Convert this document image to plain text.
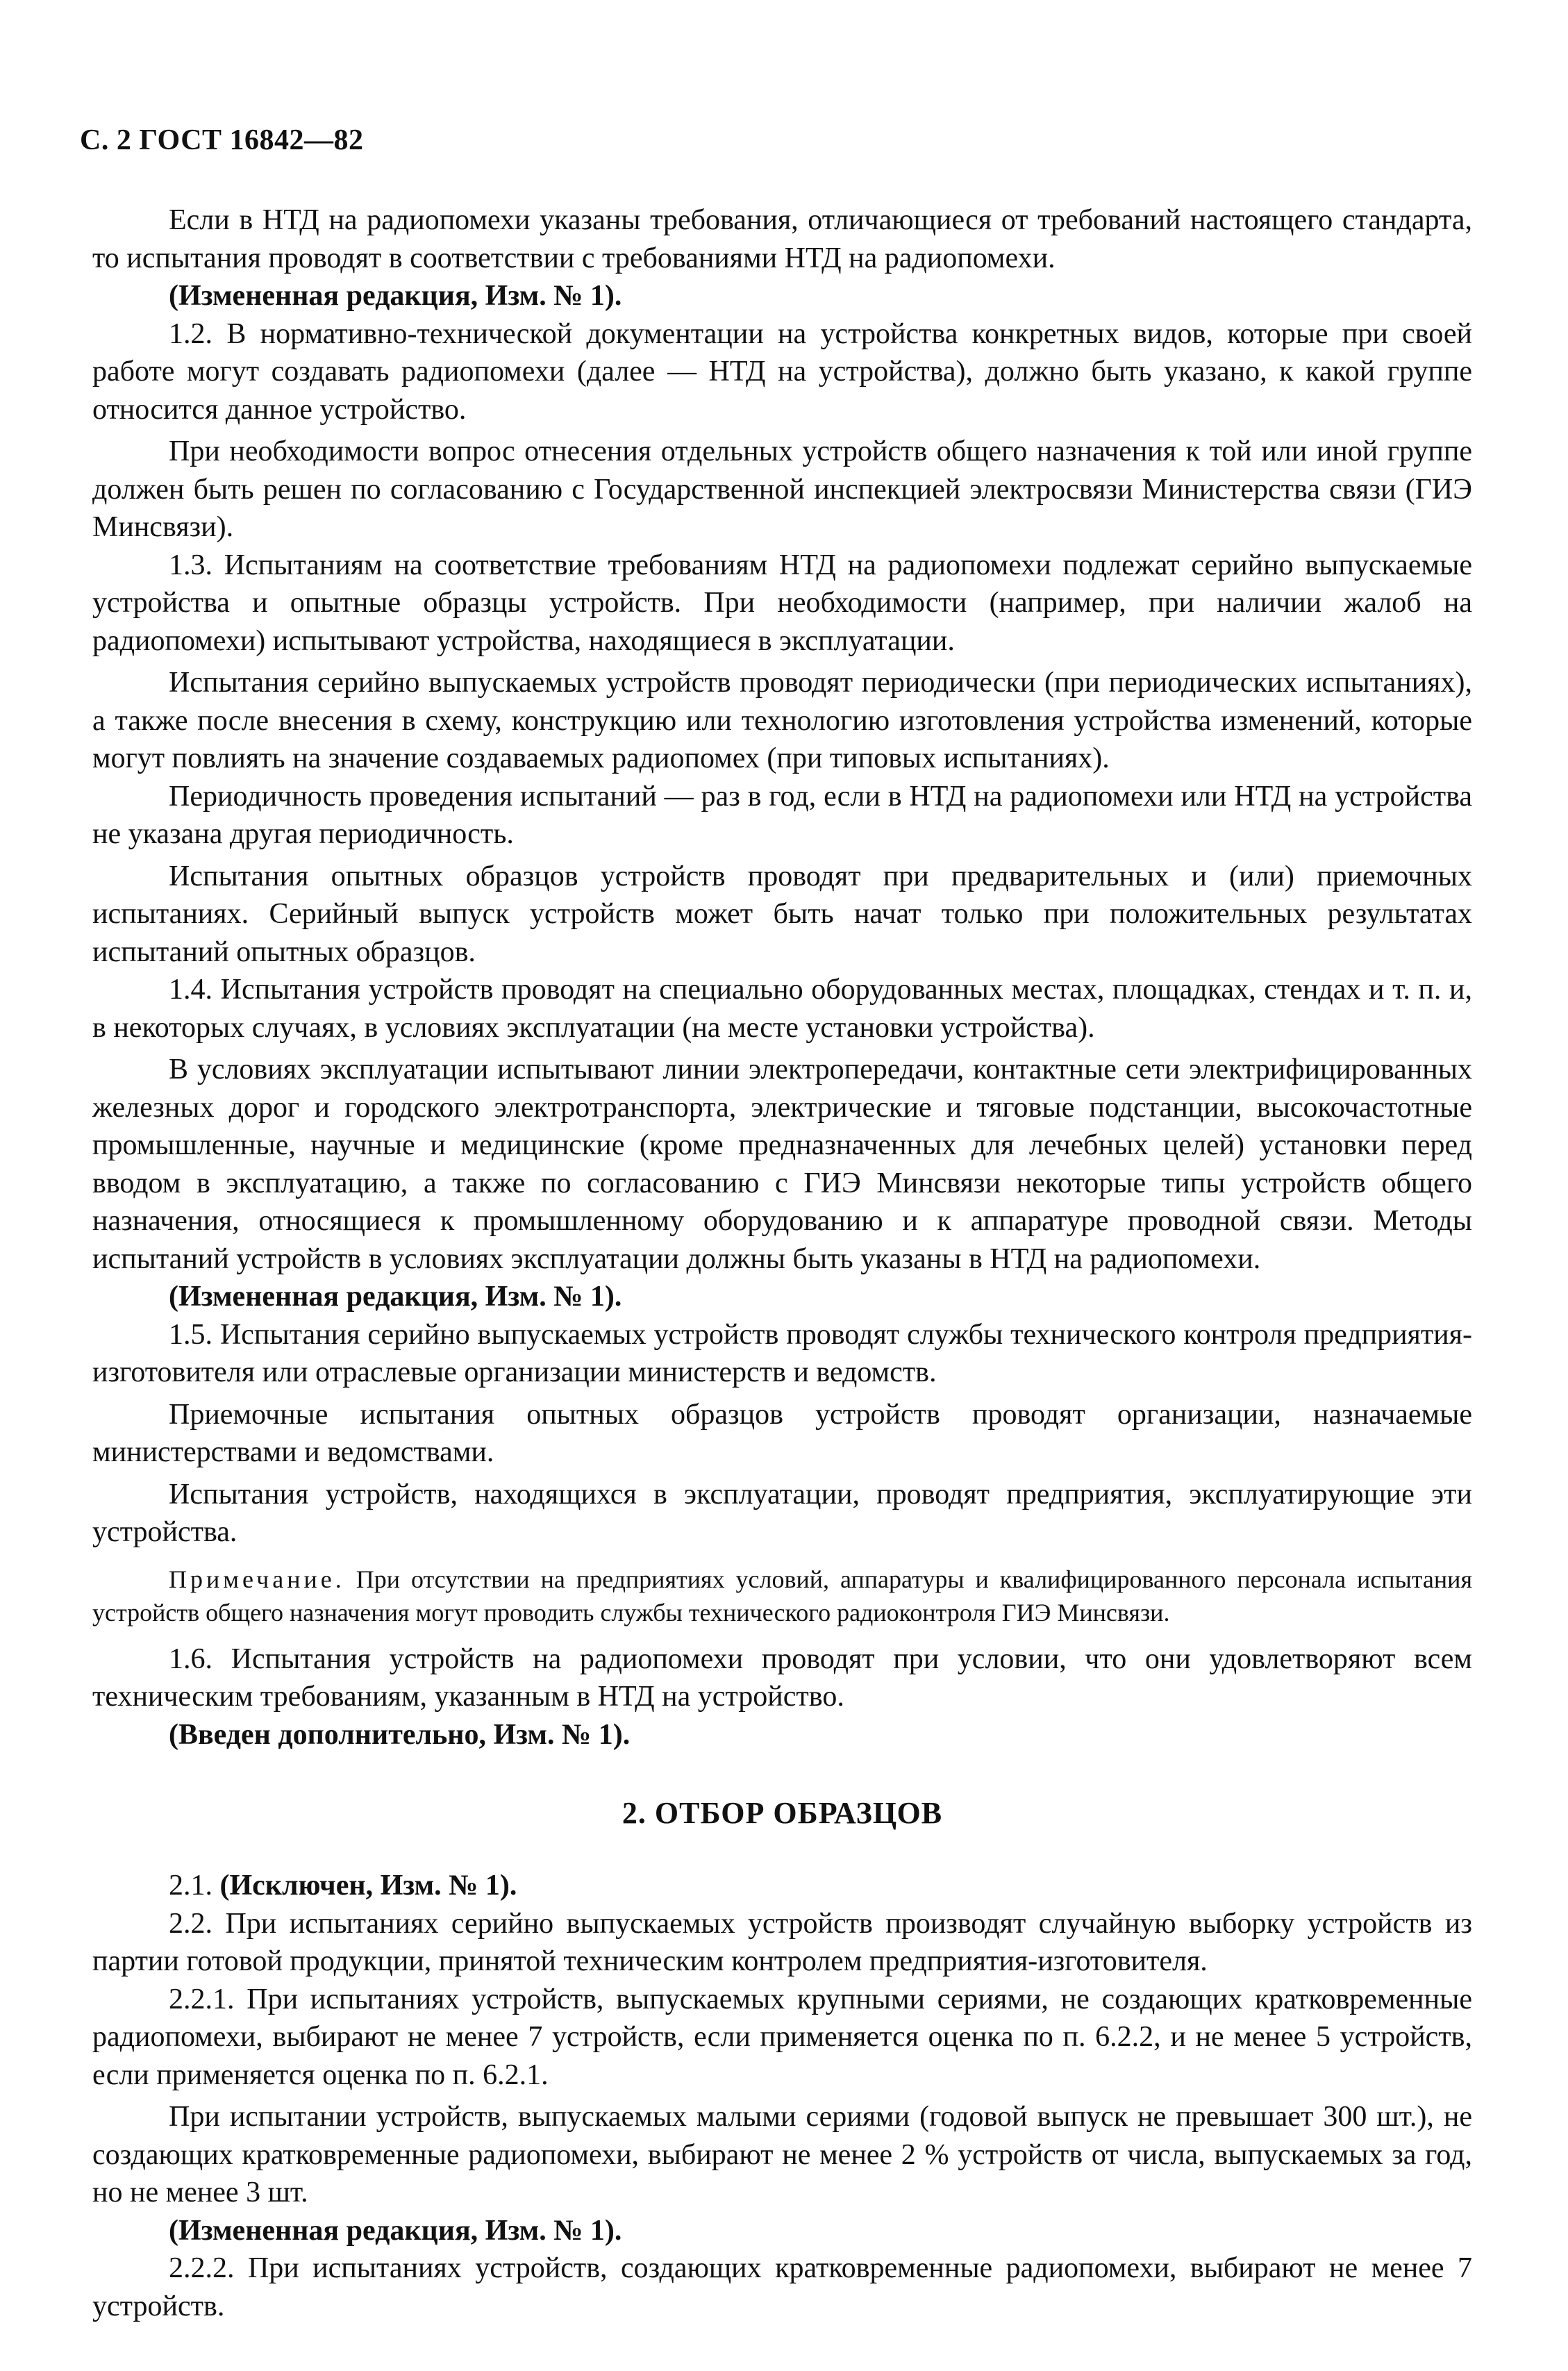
С. 2 ГОСТ 16842—82

Если в НТД на радиопомехи указаны требования, отличающиеся от требований настоящего стандарта, то испытания проводят в соответствии с требованиями НТД на радиопомехи.

(Измененная редакция, Изм. № 1).

1.2. В нормативно-технической документации на устройства конкретных видов, которые при своей работе могут создавать радиопомехи (далее — НТД на устройства), должно быть указано, к какой группе относится данное устройство.

При необходимости вопрос отнесения отдельных устройств общего назначения к той или иной группе должен быть решен по согласованию с Государственной инспекцией электросвязи Министерства связи (ГИЭ Минсвязи).

1.3. Испытаниям на соответствие требованиям НТД на радиопомехи подлежат серийно выпускаемые устройства и опытные образцы устройств. При необходимости (например, при наличии жалоб на радиопомехи) испытывают устройства, находящиеся в эксплуатации.

Испытания серийно выпускаемых устройств проводят периодически (при периодических испытаниях), а также после внесения в схему, конструкцию или технологию изготовления устройства изменений, которые могут повлиять на значение создаваемых радиопомех (при типовых испытаниях).

Периодичность проведения испытаний — раз в год, если в НТД на радиопомехи или НТД на устройства не указана другая периодичность.

Испытания опытных образцов устройств проводят при предварительных и (или) приемочных испытаниях. Серийный выпуск устройств может быть начат только при положительных результатах испытаний опытных образцов.

1.4. Испытания устройств проводят на специально оборудованных местах, площадках, стендах и т. п. и, в некоторых случаях, в условиях эксплуатации (на месте установки устройства).

В условиях эксплуатации испытывают линии электропередачи, контактные сети электрифицированных железных дорог и городского электротранспорта, электрические и тяговые подстанции, высокочастотные промышленные, научные и медицинские (кроме предназначенных для лечебных целей) установки перед вводом в эксплуатацию, а также по согласованию с ГИЭ Минсвязи некоторые типы устройств общего назначения, относящиеся к промышленному оборудованию и к аппаратуре проводной связи. Методы испытаний устройств в условиях эксплуатации должны быть указаны в НТД на радиопомехи.

(Измененная редакция, Изм. № 1).

1.5. Испытания серийно выпускаемых устройств проводят службы технического контроля предприятия-изготовителя или отраслевые организации министерств и ведомств.

Приемочные испытания опытных образцов устройств проводят организации, назначаемые министерствами и ведомствами.

Испытания устройств, находящихся в эксплуатации, проводят предприятия, эксплуатирующие эти устройства.

Примечание. При отсутствии на предприятиях условий, аппаратуры и квалифицированного персонала испытания устройств общего назначения могут проводить службы технического радиоконтроля ГИЭ Минсвязи.

1.6. Испытания устройств на радиопомехи проводят при условии, что они удовлетворяют всем техническим требованиям, указанным в НТД на устройство.

(Введен дополнительно, Изм. № 1).

2. ОТБОР ОБРАЗЦОВ

2.1. (Исключен, Изм. № 1).

2.2. При испытаниях серийно выпускаемых устройств производят случайную выборку устройств из партии готовой продукции, принятой техническим контролем предприятия-изготовителя.

2.2.1. При испытаниях устройств, выпускаемых крупными сериями, не создающих кратковременные радиопомехи, выбирают не менее 7 устройств, если применяется оценка по п. 6.2.2, и не менее 5 устройств, если применяется оценка по п. 6.2.1.

При испытании устройств, выпускаемых малыми сериями (годовой выпуск не превышает 300 шт.), не создающих кратковременные радиопомехи, выбирают не менее 2 % устройств от числа, выпускаемых за год, но не менее 3 шт.

(Измененная редакция, Изм. № 1).

2.2.2. При испытаниях устройств, создающих кратковременные радиопомехи, выбирают не менее 7 устройств.
